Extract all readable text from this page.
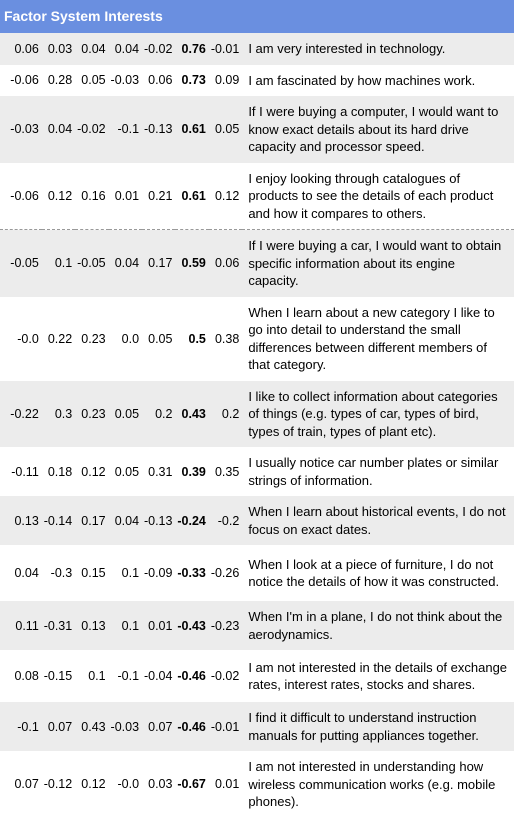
Factor System Interests
0.06	0.03	0.04	0.04	-0.02	0.76	-0.01	I am very interested in technology.
-0.06	0.28	0.05	-0.03	0.06	0.73	0.09	I am fascinated by how machines work.
-0.03	0.04	-0.02	-0.1	-0.13	0.61	0.05	If I were buying a computer, I would want to know exact details about its hard drive capacity and processor speed.
-0.06	0.12	0.16	0.01	0.21	0.61	0.12	I enjoy looking through catalogues of products to see the details of each product and how it compares to others.
-0.05	0.1	-0.05	0.04	0.17	0.59	0.06	If I were buying a car, I would want to obtain specific information about its engine capacity.
-0.0	0.22	0.23	0.0	0.05	0.5	0.38	When I learn about a new category I like to go into detail to understand the small differences between different members of that category.
-0.22	0.3	0.23	0.05	0.2	0.43	0.2	I like to collect information about categories of things (e.g. types of car, types of bird, types of train, types of plant etc).
-0.11	0.18	0.12	0.05	0.31	0.39	0.35	I usually notice car number plates or similar strings of information.
0.13	-0.14	0.17	0.04	-0.13	-0.24	-0.2	When I learn about historical events, I do not focus on exact dates.
0.04	-0.3	0.15	0.1	-0.09	-0.33	-0.26	When I look at a piece of furniture, I do not notice the details of how it was constructed.
0.11	-0.31	0.13	0.1	0.01	-0.43	-0.23	When I'm in a plane, I do not think about the aerodynamics.
0.08	-0.15	0.1	-0.1	-0.04	-0.46	-0.02	I am not interested in the details of exchange rates, interest rates, stocks and shares.
-0.1	0.07	0.43	-0.03	0.07	-0.46	-0.01	I find it difficult to understand instruction manuals for putting appliances together.
0.07	-0.12	0.12	-0.0	0.03	-0.67	0.01	I am not interested in understanding how wireless communication works (e.g. mobile phones).
